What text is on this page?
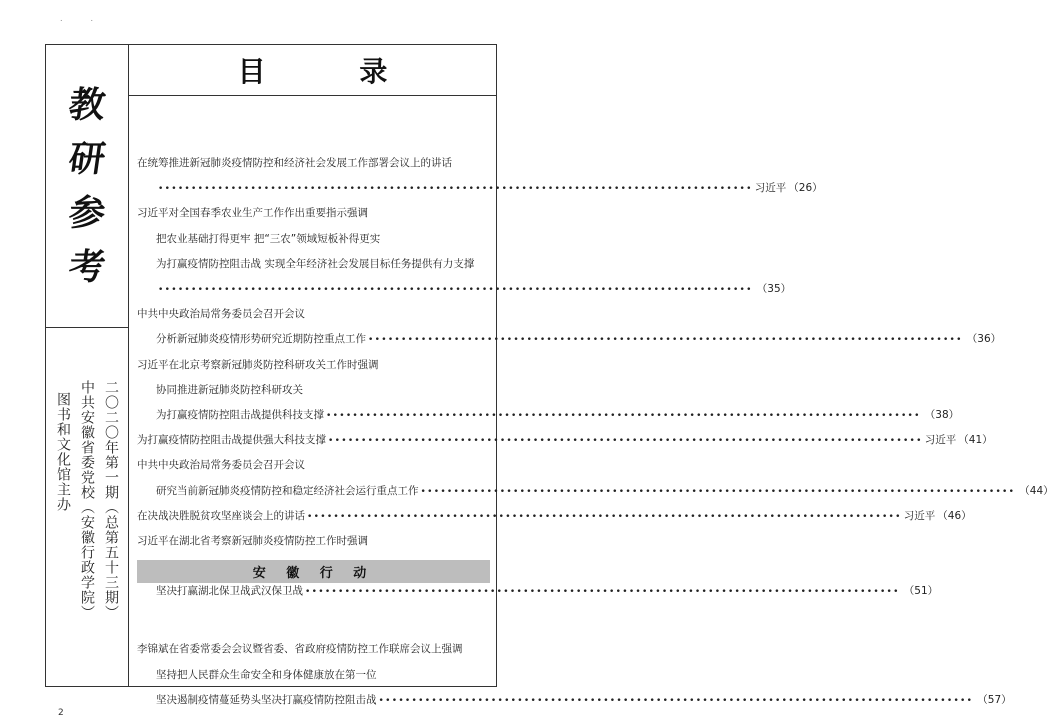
.	.
教
研
参
考
二〇二〇年第一期（总第五十三期）
中共安徽省委党校（安徽行政学院）
图书和文化馆主办
目 录
在统筹推进新冠肺炎疫情防控和经济社会发展工作部署会议上的讲话
•••••••••••••••••••••••••••••••••••••••••••••••••••••••••••••••••••••••••••••••••••••••••• 习近平 （26）
习近平对全国春季农业生产工作作出重要指示强调
把农业基础打得更牢 把“三农”领域短板补得更实
为打赢疫情防控阻击战 实现全年经济社会发展目标任务提供有力支撑
•••••••••••••••••••••••••••••••••••••••••••••••••••••••••••••••••••••••••••••••••••••••••• （35）
中共中央政治局常务委员会召开会议
分析新冠肺炎疫情形势研究近期防控重点工作 •••••••••••••••••••••••••••••••••••••••••••••••••••••••••••••••••••••••••••••••••••••••••• （36）
习近平在北京考察新冠肺炎防控科研攻关工作时强调
协同推进新冠肺炎防控科研攻关
为打赢疫情防控阻击战提供科技支撑 •••••••••••••••••••••••••••••••••••••••••••••••••••••••••••••••••••••••••••••••••••••••••• （38）
为打赢疫情防控阻击战提供强大科技支撑 •••••••••••••••••••••••••••••••••••••••••••••••••••••••••••••••••••••••••••••••••••••••••• 习近平 （41）
中共中央政治局常务委员会召开会议
研究当前新冠肺炎疫情防控和稳定经济社会运行重点工作 •••••••••••••••••••••••••••••••••••••••••••••••••••••••••••••••••••••••••••••••••••••••••• （44）
在决战决胜脱贫攻坚座谈会上的讲话 •••••••••••••••••••••••••••••••••••••••••••••••••••••••••••••••••••••••••••••••••••••••••• 习近平 （46）
习近平在湖北省考察新冠肺炎疫情防控工作时强调
坚决打赢湖北保卫战武汉保卫战 •••••••••••••••••••••••••••••••••••••••••••••••••••••••••••••••••••••••••••••••••••••••••• （51）
李锦斌在省委常委会会议暨省委、省政府疫情防控工作联席会议上强调
坚持把人民群众生命安全和身体健康放在第一位
坚决遏制疫情蔓延势头坚决打赢疫情防控阻击战 •••••••••••••••••••••••••••••••••••••••••••••••••••••••••••••••••••••••••••••••••••••••••• （57）
安 徽 行 动
2
